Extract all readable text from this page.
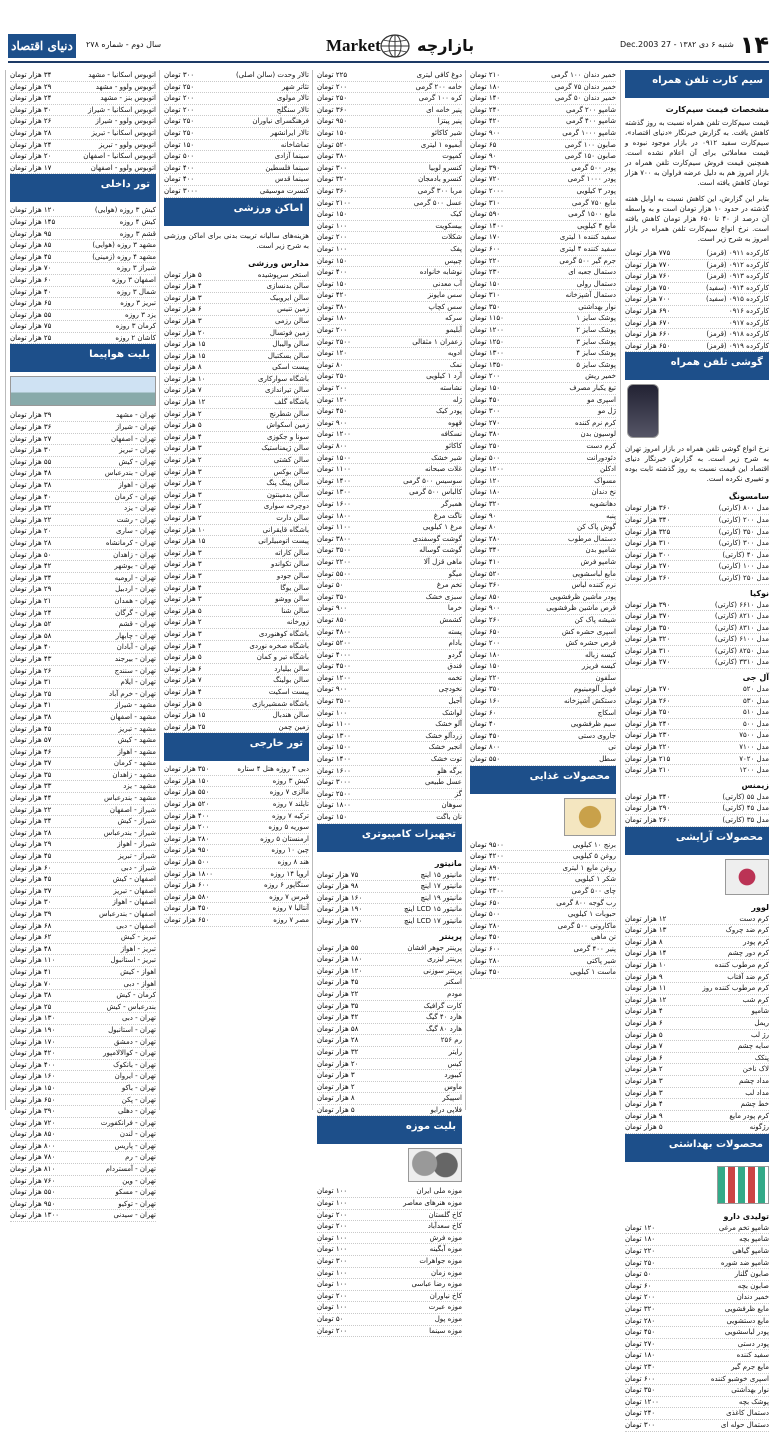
دنیای اقتصاد	سال دوم - شماره ۲۷۸	Market بازارچه	شنبه ۶ دی ۱۳۸۲ - 27 Dec.2003 ۱۴
سیم کارت تلفن همراه
مشخصات قیمت سیم‌کارت
قیمت سیم‌کارت تلفن همراه نسبت به روز گذشته کاهش یافت. به گزارش خبرنگار «دنیای اقتصاد»، سیم‌کارت سفید ۰۹۱۲ در بازار موجود نبوده و قیمت معاملاتی برای آن اعلام نشده است. همچنین قیمت فروش سیم‌کارت تلفن همراه در بازار امروز هم به دلیل عرضه فراوان به ۷۰۰ هزار تومان کاهش یافته است.
بنابر این گزارش، این کاهش نسبت به اوایل هفته گذشته در حدود ۱۰ هزار تومان است و به واسطه آن درصد از ۴۰ تا ۶۵۰ هزار تومان کاهش یافته است. نرخ انواع سیم‌کارت تلفن همراه در بازار امروز به شرح زیر است.
کارکرده ۰۹۱۱ (قرمز)
۷۷۵ هزار تومان
کارکرده ۰۹۱۲ (قرمز)
۷۷۰ هزار تومان
کارکرده ۰۹۱۳ (قرمز)
۷۶۰ هزار تومان
کارکرده ۰۹۱۴ (سفید)
۷۵۰ هزار تومان
کارکرده ۰۹۱۵ (سفید)
۷۰۰ هزار تومان
کارکرده ۰۹۱۶
۶۹۰ هزار تومان
کارکرده ۰۹۱۷
۶۷۰ هزار تومان
کارکرده ۰۹۱۸ (قرمز)
۶۶۰ هزار تومان
کارکرده ۰۹۱۹ (قرمز)
۶۵۰ هزار تومان
گوشی تلفن همراه
نرخ انواع گوشی تلفن همراه در بازار امروز تهران به شرح زیر است. به گزارش خبرنگار دنیای اقتصاد این قیمت نسبت به روز گذشته ثابت بوده و تغییری نکرده است.
سامسونگ
مدل ۸۰۰ (کارتی)
۳۶۰ هزار تومان
مدل ۲۰۰ (کارتی)
۳۴۰ هزار تومان
مدل ۳۵۰ (کارتی)
۳۲۵ هزار تومان
مدل ۳۰۰ (کارتی)
۳۱۰ هزار تومان
مدل ۴۰ (کارتی)
۳۰۰ هزار تومان
مدل ۱۰۰ (کارتی)
۲۷۰ هزار تومان
مدل ۲۵۰ (کارتی)
۲۶۰ هزار تومان
نوکیا
مدل ۶۶۱۰ (کارتی)
۳۹۰ هزار تومان
مدل ۸۲۱۰ (کارتی)
۳۷۰ هزار تومان
مدل ۸۳۱۰ (کارتی)
۳۵۰ هزار تومان
مدل ۶۱۰۰ (کارتی)
۳۲۰ هزار تومان
مدل ۸۲۵۰ (کارتی)
۳۱۰ هزار تومان
مدل ۳۳۱۰ (کارتی)
۲۷۰ هزار تومان
آل جی
مدل ۵۲۰
۲۷۰ هزار تومان
مدل ۵۳۰
۲۶۰ هزار تومان
مدل ۵۱۰
۲۵۰ هزار تومان
مدل ۵۰۰
۲۴۰ هزار تومان
مدل ۷۵۰۰
۲۳۰ هزار تومان
مدل ۷۱۰۰
۲۲۰ هزار تومان
مدل ۷۰۲۰
۲۱۵ هزار تومان
مدل ۱۲۰۰
۲۱۰ هزار تومان
زیمنس
مدل ۵۵ (کارتی)
۳۴۰ هزار تومان
مدل ۴۵ (کارتی)
۲۹۰ هزار تومان
مدل ۳۵ (کارتی)
۲۶۰ هزار تومان
محصولات آرایشی
لوور
کرم دست
۱۲ هزار تومان
کرم ضد چروک
۱۳ هزار تومان
کرم پودر
۸ هزار تومان
کرم دور چشم
۱۴ هزار تومان
کرم مرطوب کننده
۱۰ هزار تومان
کرم ضد آفتاب
۹ هزار تومان
کرم مرطوب کننده روز
۱۱ هزار تومان
کرم شب
۱۲ هزار تومان
شامپو
۴ هزار تومان
ریمل
۶ هزار تومان
رژ لب
۵ هزار تومان
سایه چشم
۷ هزار تومان
پنکک
۶ هزار تومان
لاک ناخن
۲ هزار تومان
مداد چشم
۳ هزار تومان
مداد لب
۳ هزار تومان
خط چشم
۴ هزار تومان
کرم پودر مایع
۹ هزار تومان
رژگونه
۵ هزار تومان
محصولات بهداشتی
تولیدی دارو
شامپو تخم مرغی
۱۲۰ تومان
شامپو بچه
۱۸۰ تومان
شامپو گیاهی
۲۲۰ تومان
شامپو ضد شوره
۲۵۰ تومان
صابون گلنار
۵۰ تومان
صابون بچه
۶۰ تومان
خمیر دندان
۲۰۰ تومان
مایع ظرفشویی
۳۲۰ تومان
مایع دستشویی
۲۸۰ تومان
پودر لباسشویی
۴۵۰ تومان
پودر دستی
۲۷۰ تومان
سفید کننده
۱۸۰ تومان
مایع جرم گیر
۲۳۰ تومان
اسپری خوشبو کننده
۶۰۰ تومان
نوار بهداشتی
۳۵۰ تومان
پوشک بچه
۱۲۰۰ تومان
دستمال کاغذی
۲۴۰ تومان
دستمال حوله ای
۳۰۰ تومان
خمیر دندان ۱۰۰ گرمی
۲۱۰ تومان
خمیر دندان ۷۵ گرمی
۱۸۰ تومان
خمیر دندان ۵۰ گرمی
۱۴۰ تومان
شامپو ۲۰۰ گرمی
۲۴۰ تومان
شامپو ۴۰۰ گرمی
۴۲۰ تومان
شامپو ۱۰۰۰ گرمی
۹۰۰ تومان
صابون ۱۰۰ گرمی
۶۵ تومان
صابون ۱۵۰ گرمی
۹۰ تومان
پودر ۵۰۰ گرمی
۳۹۰ تومان
پودر ۱۰۰۰ گرمی
۷۲۰ تومان
پودر ۳ کیلویی
۲۰۰۰ تومان
مایع ۷۵۰ گرمی
۳۱۰ تومان
مایع ۱۵۰۰ گرمی
۵۹۰ تومان
مایع ۴ کیلویی
۱۴۰۰ تومان
سفید کننده ۱ لیتری
۱۷۰ تومان
سفید کننده ۴ لیتری
۶۰۰ تومان
جرم گیر ۵۰۰ گرمی
۲۲۰ تومان
دستمال جعبه ای
۲۳۰ تومان
دستمال رولی
۱۵۰ تومان
دستمال آشپزخانه
۳۱۰ تومان
نوار بهداشتی
۳۵۰ تومان
پوشک سایز ۱
۱۱۵۰ تومان
پوشک سایز ۲
۱۲۰۰ تومان
پوشک سایز ۳
۱۲۵۰ تومان
پوشک سایز ۴
۱۳۰۰ تومان
پوشک سایز ۵
۱۳۵۰ تومان
خمیر ریش
۲۰۰ تومان
تیغ یکبار مصرف
۱۵۰ تومان
اسپری مو
۴۵۰ تومان
ژل مو
۳۰۰ تومان
کرم نرم کننده
۲۷۰ تومان
لوسیون بدن
۳۸۰ تومان
کرم دست
۲۵۰ تومان
دئودورانت
۵۰۰ تومان
ادکلن
۱۲۰۰ تومان
مسواک
۱۲۰ تومان
نخ دندان
۱۸۰ تومان
دهانشویه
۳۲۰ تومان
پنبه
۹۰ تومان
گوش پاک کن
۸۰ تومان
دستمال مرطوب
۲۸۰ تومان
شامپو بدن
۳۴۰ تومان
شامپو فرش
۴۱۰ تومان
مایع لباسشویی
۵۲۰ تومان
نرم کننده لباس
۳۶۰ تومان
پودر ماشین ظرفشویی
۸۵۰ تومان
قرص ماشین ظرفشویی
۹۰۰ تومان
شیشه پاک کن
۲۶۰ تومان
اسپری حشره کش
۶۵۰ تومان
قرص حشره کش
۲۰۰ تومان
کیسه زباله
۱۸۰ تومان
کیسه فریزر
۱۵۰ تومان
سلفون
۲۲۰ تومان
فویل آلومینیوم
۳۵۰ تومان
دستکش آشپزخانه
۱۶۰ تومان
اسکاچ
۶۰ تومان
سیم ظرفشویی
۴۰ تومان
جاروی دستی
۴۵۰ تومان
تی
۸۰۰ تومان
سطل
۵۵۰ تومان
محصولات غذایی
برنج ۱۰ کیلویی
۹۵۰۰ تومان
روغن ۵ کیلویی
۴۲۰۰ تومان
روغن مایع ۱ لیتری
۸۹۰ تومان
شکر ۱ کیلویی
۴۲۰ تومان
چای ۵۰۰ گرمی
۲۳۰۰ تومان
رب گوجه ۸۰۰ گرمی
۶۵۰ تومان
حبوبات ۱ کیلویی
۵۰۰ تومان
ماکارونی ۵۰۰ گرمی
۲۸۰ تومان
تن ماهی
۴۵۰ تومان
پنیر ۴۰۰ گرمی
۶۰۰ تومان
شیر پاکتی
۲۸۰ تومان
ماست ۱ کیلویی
۴۵۰ تومان
دوغ کافی لیتری
۲۲۵ تومان
خامه ۲۰۰ گرمی
۲۰۰ تومان
کره ۱۰۰ گرمی
۲۵۰ تومان
پنیر خامه ای
۳۶۰ تومان
پنیر پیتزا
۹۵۰ تومان
شیر کاکائو
۱۵۰ تومان
آبمیوه ۱ لیتری
۵۲۰ تومان
کمپوت
۳۸۰ تومان
کنسرو لوبیا
۳۰۰ تومان
کنسرو بادمجان
۳۲۰ تومان
مربا ۳۰۰ گرمی
۳۶۰ تومان
عسل ۵۰۰ گرمی
۲۱۰۰ تومان
کیک
۱۵۰ تومان
بیسکویت
۱۰۰ تومان
شکلات
۲۰۰ تومان
پفک
۱۰۰ تومان
چیپس
۱۵۰ تومان
نوشابه خانواده
۴۰۰ تومان
آب معدنی
۱۵۰ تومان
سس مایونز
۴۲۰ تومان
سس کچاپ
۳۸۰ تومان
سرکه
۱۸۰ تومان
آبلیمو
۲۰۰ تومان
زعفران ۱ مثقالی
۲۵۰۰ تومان
ادویه
۱۲۰ تومان
نمک
۸۰ تومان
آرد ۱ کیلویی
۲۵۰ تومان
نشاسته
۲۰۰ تومان
ژله
۱۲۰ تومان
پودر کیک
۴۵۰ تومان
قهوه
۹۰۰ تومان
نسکافه
۱۲۰۰ تومان
کاکائو
۸۰۰ تومان
شیر خشک
۱۵۰۰ تومان
غلات صبحانه
۱۱۰۰ تومان
سوسیس ۵۰۰ گرمی
۱۴۰۰ تومان
کالباس ۵۰۰ گرمی
۱۳۰۰ تومان
همبرگر
۱۶۰۰ تومان
ناگت مرغ
۱۸۰۰ تومان
مرغ ۱ کیلویی
۱۱۰۰ تومان
گوشت گوسفندی
۳۸۰۰ تومان
گوشت گوساله
۳۵۰۰ تومان
ماهی قزل آلا
۲۲۰۰ تومان
میگو
۵۵۰۰ تومان
تخم مرغ
۵۰ تومان
سبزی خشک
۳۵۰ تومان
خرما
۹۰۰ تومان
کشمش
۸۵۰ تومان
پسته
۴۸۰۰ تومان
بادام
۵۲۰۰ تومان
گردو
۴۰۰۰ تومان
فندق
۴۵۰۰ تومان
تخمه
۱۲۰۰ تومان
نخودچی
۹۰۰ تومان
آجیل
۳۵۰۰ تومان
لواشک
۱۰۰ تومان
آلو خشک
۱۱۰۰ تومان
زردآلو خشک
۱۳۰۰ تومان
انجیر خشک
۱۵۰۰ تومان
توت خشک
۱۴۰۰ تومان
برگه هلو
۱۶۰۰ تومان
عسل طبیعی
۳۰۰۰ تومان
گز
۲۵۰۰ تومان
سوهان
۱۸۰۰ تومان
نان باگت
۱۵۰ تومان
تجهیزات کامپیوتری
مانیتور
مانیتور ۱۵ اینچ
۷۵ هزار تومان
مانیتور ۱۷ اینچ
۹۸ هزار تومان
مانیتور ۱۹ اینچ
۱۶۰ هزار تومان
مانیتور LCD ۱۵ اینچ
۱۹۰ هزار تومان
مانیتور LCD ۱۷ اینچ
۲۷۰ هزار تومان
پرینتر
پرینتر جوهر افشان
۵۵ هزار تومان
پرینتر لیزری
۱۸۰ هزار تومان
پرینتر سوزنی
۱۲۰ هزار تومان
اسکنر
۴۵ هزار تومان
مودم
۲۲ هزار تومان
کارت گرافیک
۳۵ هزار تومان
هارد ۴۰ گیگ
۴۲ هزار تومان
هارد ۸۰ گیگ
۵۸ هزار تومان
رم ۲۵۶
۲۸ هزار تومان
رایتر
۳۲ هزار تومان
کیس
۲۰ هزار تومان
کیبورد
۳ هزار تومان
ماوس
۲ هزار تومان
اسپیکر
۸ هزار تومان
فلاپی درایو
۵ هزار تومان
بلیت موزه
موزه ملی ایران
۱۰۰ تومان
موزه هنرهای معاصر
۱۰۰ تومان
کاخ گلستان
۲۰۰ تومان
کاخ سعدآباد
۲۰۰ تومان
موزه فرش
۱۰۰ تومان
موزه آبگینه
۱۰۰ تومان
موزه جواهرات
۳۰۰ تومان
موزه زمان
۱۰۰ تومان
موزه رضا عباسی
۱۰۰ تومان
کاخ نیاوران
۲۰۰ تومان
موزه عبرت
۱۰۰ تومان
موزه پول
۵۰ تومان
موزه سینما
۲۰۰ تومان
تالار وحدت (سالن اصلی)
۳۰۰ تومان
تئاتر شهر
۲۵۰ تومان
تالار مولوی
۲۰۰ تومان
تالار سنگلج
۲۰۰ تومان
فرهنگسرای نیاوران
۲۵۰ تومان
تالار ایرانشهر
۲۵۰ تومان
تماشاخانه
۱۵۰ تومان
سینما آزادی
۵۰۰ تومان
سینما فلسطین
۴۰۰ تومان
سینما قدس
۴۰۰ تومان
کنسرت موسیقی
۳۰۰۰ تومان
اماکن ورزشی
هزینه‌های سالیانه تربیت بدنی برای اماکن ورزشی به شرح زیر است.
مدارس ورزشی
استخر سرپوشیده
۵ هزار تومان
سالن بدنسازی
۴ هزار تومان
سالن ایروبیک
۳ هزار تومان
زمین تنیس
۶ هزار تومان
سالن رزمی
۳ هزار تومان
زمین فوتسال
۲۰ هزار تومان
سالن والیبال
۱۵ هزار تومان
سالن بسکتبال
۱۵ هزار تومان
پیست اسکی
۸ هزار تومان
باشگاه سوارکاری
۱۰ هزار تومان
سالن تیراندازی
۷ هزار تومان
باشگاه گلف
۱۲ هزار تومان
سالن شطرنج
۲ هزار تومان
زمین اسکواش
۵ هزار تومان
سونا و جکوزی
۴ هزار تومان
سالن ژیمناستیک
۳ هزار تومان
سالن کشتی
۲ هزار تومان
سالن بوکس
۳ هزار تومان
سالن پینگ پنگ
۲ هزار تومان
سالن بدمینتون
۳ هزار تومان
دوچرخه سواری
۲ هزار تومان
سالن دارت
۲ هزار تومان
باشگاه قایقرانی
۱۰ هزار تومان
پیست اتومبیلرانی
۱۵ هزار تومان
سالن کاراته
۳ هزار تومان
سالن تکواندو
۳ هزار تومان
سالن جودو
۳ هزار تومان
سالن یوگا
۴ هزار تومان
سالن ووشو
۳ هزار تومان
سالن شنا
۵ هزار تومان
زورخانه
۲ هزار تومان
باشگاه کوهنوردی
۳ هزار تومان
باشگاه صخره نوردی
۴ هزار تومان
باشگاه تیر و کمان
۵ هزار تومان
سالن بیلیارد
۶ هزار تومان
سالن بولینگ
۷ هزار تومان
پیست اسکیت
۴ هزار تومان
باشگاه شمشیربازی
۵ هزار تومان
سالن هندبال
۱۵ هزار تومان
زمین چمن
۲۵ هزار تومان
تور خارجی
دبی ۴ روزه هتل ۴ ستاره
۳۵۰ هزار تومان
کیش ۳ روزه
۱۵۰ هزار تومان
مالزی ۷ روزه
۵۵۰ هزار تومان
تایلند ۷ روزه
۵۲۰ هزار تومان
ترکیه ۷ روزه
۴۰۰ هزار تومان
سوریه ۵ روزه
۲۰۰ هزار تومان
ارمنستان ۵ روزه
۲۸۰ هزار تومان
چین ۱۰ روزه
۹۵۰ هزار تومان
هند ۸ روزه
۵۰۰ هزار تومان
اروپا ۱۴ روزه
۱۸۰۰ هزار تومان
سنگاپور ۶ روزه
۶۰۰ هزار تومان
قبرس ۷ روزه
۵۸۰ هزار تومان
آنتالیا ۷ روزه
۴۵۰ هزار تومان
مصر ۷ روزه
۶۵۰ هزار تومان
اتوبوس اسکانیا - مشهد
۳۴ هزار تومان
اتوبوس ولوو - مشهد
۲۹ هزار تومان
اتوبوس بنز - مشهد
۲۴ هزار تومان
اتوبوس اسکانیا - شیراز
۳۰ هزار تومان
اتوبوس ولوو - شیراز
۲۶ هزار تومان
اتوبوس اسکانیا - تبریز
۲۸ هزار تومان
اتوبوس ولوو - تبریز
۲۴ هزار تومان
اتوبوس اسکانیا - اصفهان
۲۰ هزار تومان
اتوبوس ولوو - اصفهان
۱۷ هزار تومان
تور داخلی
کیش ۳ روزه (هوایی)
۱۲۰ هزار تومان
کیش ۴ روزه
۱۴۵ هزار تومان
قشم ۳ روزه
۹۵ هزار تومان
مشهد ۳ روزه (هوایی)
۸۵ هزار تومان
مشهد ۴ روزه (زمینی)
۴۵ هزار تومان
شیراز ۳ روزه
۷۰ هزار تومان
اصفهان ۳ روزه
۶۰ هزار تومان
شمال ۳ روزه
۴۰ هزار تومان
تبریز ۳ روزه
۶۵ هزار تومان
یزد ۳ روزه
۵۵ هزار تومان
کرمان ۳ روزه
۷۵ هزار تومان
کاشان ۲ روزه
۲۵ هزار تومان
بلیت هواپیما
تهران - مشهد
۳۹ هزار تومان
تهران - شیراز
۳۶ هزار تومان
تهران - اصفهان
۲۷ هزار تومان
تهران - تبریز
۳۰ هزار تومان
تهران - کیش
۵۵ هزار تومان
تهران - بندرعباس
۴۸ هزار تومان
تهران - اهواز
۳۸ هزار تومان
تهران - کرمان
۴۰ هزار تومان
تهران - یزد
۳۲ هزار تومان
تهران - رشت
۲۲ هزار تومان
تهران - ساری
۲۰ هزار تومان
تهران - کرمانشاه
۲۸ هزار تومان
تهران - زاهدان
۵۰ هزار تومان
تهران - بوشهر
۴۲ هزار تومان
تهران - ارومیه
۳۴ هزار تومان
تهران - اردبیل
۲۹ هزار تومان
تهران - همدان
۲۱ هزار تومان
تهران - گرگان
۲۴ هزار تومان
تهران - قشم
۵۲ هزار تومان
تهران - چابهار
۵۸ هزار تومان
تهران - آبادان
۴۰ هزار تومان
تهران - بیرجند
۴۳ هزار تومان
تهران - سنندج
۲۶ هزار تومان
تهران - ایلام
۳۱ هزار تومان
تهران - خرم آباد
۲۵ هزار تومان
مشهد - شیراز
۴۱ هزار تومان
مشهد - اصفهان
۳۸ هزار تومان
مشهد - تبریز
۴۵ هزار تومان
مشهد - کیش
۵۷ هزار تومان
مشهد - اهواز
۴۶ هزار تومان
مشهد - کرمان
۳۷ هزار تومان
مشهد - زاهدان
۳۵ هزار تومان
مشهد - یزد
۳۳ هزار تومان
مشهد - بندرعباس
۴۴ هزار تومان
شیراز - اصفهان
۲۲ هزار تومان
شیراز - کیش
۳۴ هزار تومان
شیراز - بندرعباس
۲۸ هزار تومان
شیراز - اهواز
۲۹ هزار تومان
شیراز - تبریز
۴۵ هزار تومان
شیراز - دبی
۶۰ هزار تومان
اصفهان - کیش
۴۵ هزار تومان
اصفهان - تبریز
۳۷ هزار تومان
اصفهان - اهواز
۳۰ هزار تومان
اصفهان - بندرعباس
۳۹ هزار تومان
اصفهان - دبی
۶۸ هزار تومان
تبریز - کیش
۶۲ هزار تومان
تبریز - اهواز
۴۸ هزار تومان
تبریز - استانبول
۱۱۰ هزار تومان
اهواز - کیش
۴۱ هزار تومان
اهواز - دبی
۷۰ هزار تومان
کرمان - کیش
۳۸ هزار تومان
بندرعباس - کیش
۲۵ هزار تومان
تهران - دبی
۱۳۰ هزار تومان
تهران - استانبول
۱۹۰ هزار تومان
تهران - دمشق
۱۷۰ هزار تومان
تهران - کوالالامپور
۴۲۰ هزار تومان
تهران - بانکوک
۴۰۰ هزار تومان
تهران - ایروان
۱۶۰ هزار تومان
تهران - باکو
۱۵۰ هزار تومان
تهران - پکن
۶۵۰ هزار تومان
تهران - دهلی
۳۹۰ هزار تومان
تهران - فرانکفورت
۷۲۰ هزار تومان
تهران - لندن
۸۵۰ هزار تومان
تهران - پاریس
۸۰۰ هزار تومان
تهران - رم
۷۸۰ هزار تومان
تهران - آمستردام
۸۱۰ هزار تومان
تهران - وین
۷۶۰ هزار تومان
تهران - مسکو
۵۵۰ هزار تومان
تهران - توکیو
۹۵۰ هزار تومان
تهران - سیدنی
۱۳۰۰ هزار تومان
